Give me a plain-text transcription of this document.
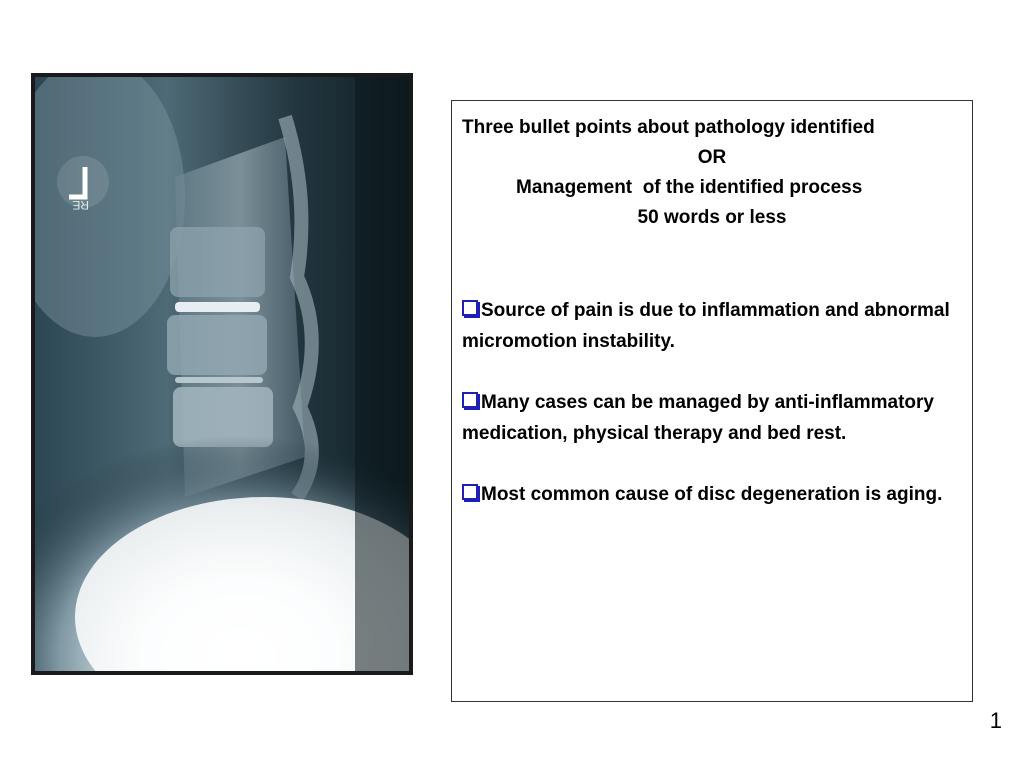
RE

Three bullet points about pathology identified

OR

Management  of the identified process

50 words or less

Source of pain is due to inflammation and abnormal micromotion instability.
Many cases can be managed by anti-inflammatory medication, physical therapy and bed rest.
Most common cause of disc degeneration is aging.
1
